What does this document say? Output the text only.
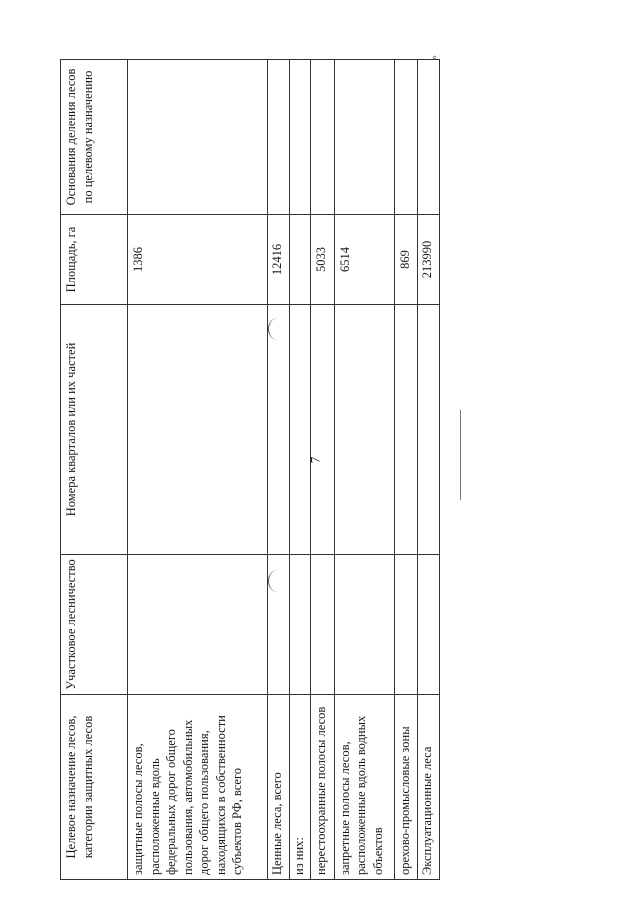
7
»
Целевое назначение лесов, категории защитных лесов	Участковое лесничество	Номера кварталов или их частей	Площадь, га	Основания деления лесов по целевому назначению
защитные полосы лесов, расположенные вдоль федеральных дорог общего пользования, автомобильных дорог общего пользования, находящихся в собственности субъектов РФ, всего			1386	
Ценные леса, всего			12416	
из них:				
нерестоохранные полосы лесов			5033	
запретные полосы лесов, расположенные вдоль водных объектов			6514	
орехово-промысловые зоны			869	
Эксплуатационные леса			213990	
